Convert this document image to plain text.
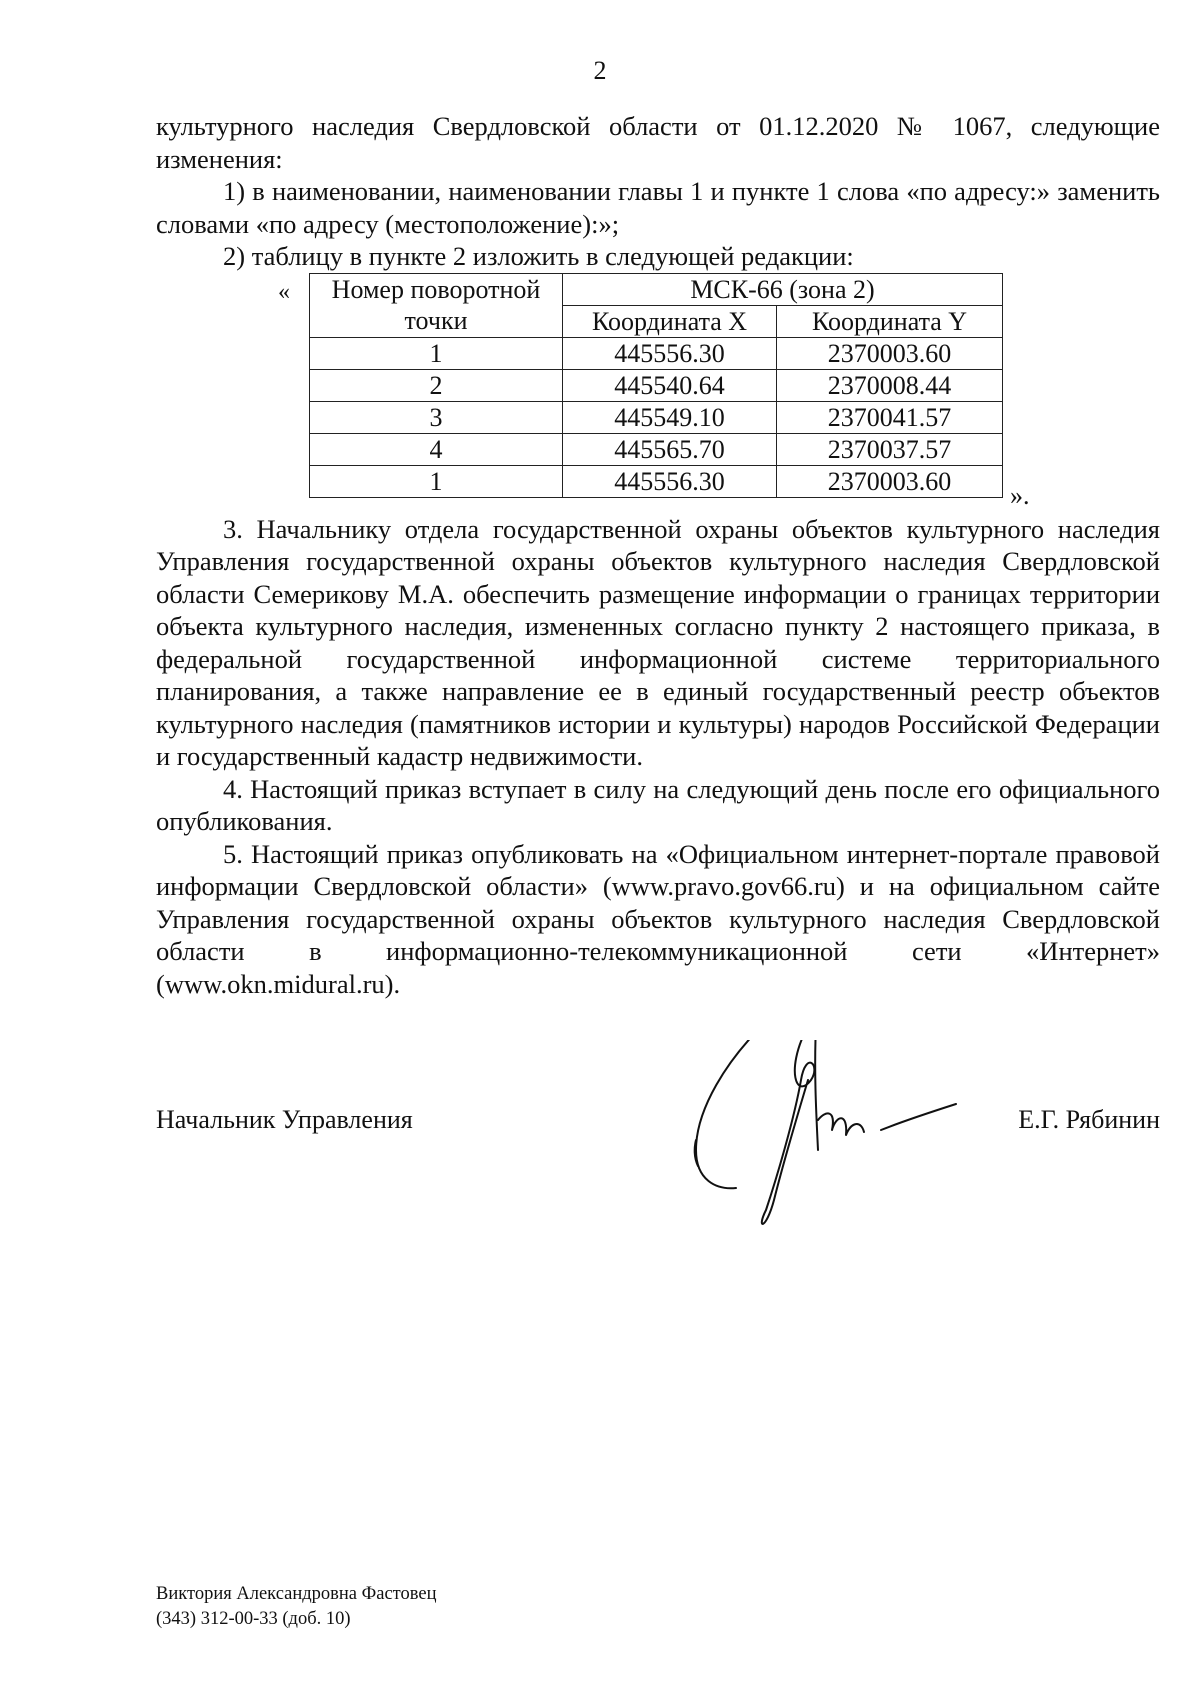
2

культурного наследия Свердловской области от 01.12.2020 № 1067, следующие изменения:

1) в наименовании, наименовании главы 1 и пункте 1 слова «по адресу:» заменить словами «по адресу (местоположение):»;

2) таблицу в пункте 2 изложить в следующей редакции:

« Номер поворотной	МСК-66 (зона 2)	
точки	Координата X	Координата Y
1	445556.30	2370003.60
2	445540.64	2370008.44
3	445549.10	2370041.57
4	445565.70	2370037.57
1	445556.30	2370003.60 ».

3. Начальнику отдела государственной охраны объектов культурного наследия Управления государственной охраны объектов культурного наследия Свердловской области Семерикову М.А. обеспечить размещение информации о границах территории объекта культурного наследия, измененных согласно пункту 2 настоящего приказа, в федеральной государственной информационной системе территориального планирования, а также направление ее в единый государственный реестр объектов культурного наследия (памятников истории и культуры) народов Российской Федерации и государственный кадастр недвижимости.

4. Настоящий приказ вступает в силу на следующий день после его официального опубликования.

5. Настоящий приказ опубликовать на «Официальном интернет-портале правовой информации Свердловской области» (www.pravo.gov66.ru) и на официальном сайте Управления государственной охраны объектов культурного наследия Свердловской области в информационно-телекоммуникационной сети «Интернет» (www.okn.midural.ru).

Начальник Управления	Е.Г. Рябинин
Виктория Александровна Фастовец
(343) 312-00-33 (доб. 10)
